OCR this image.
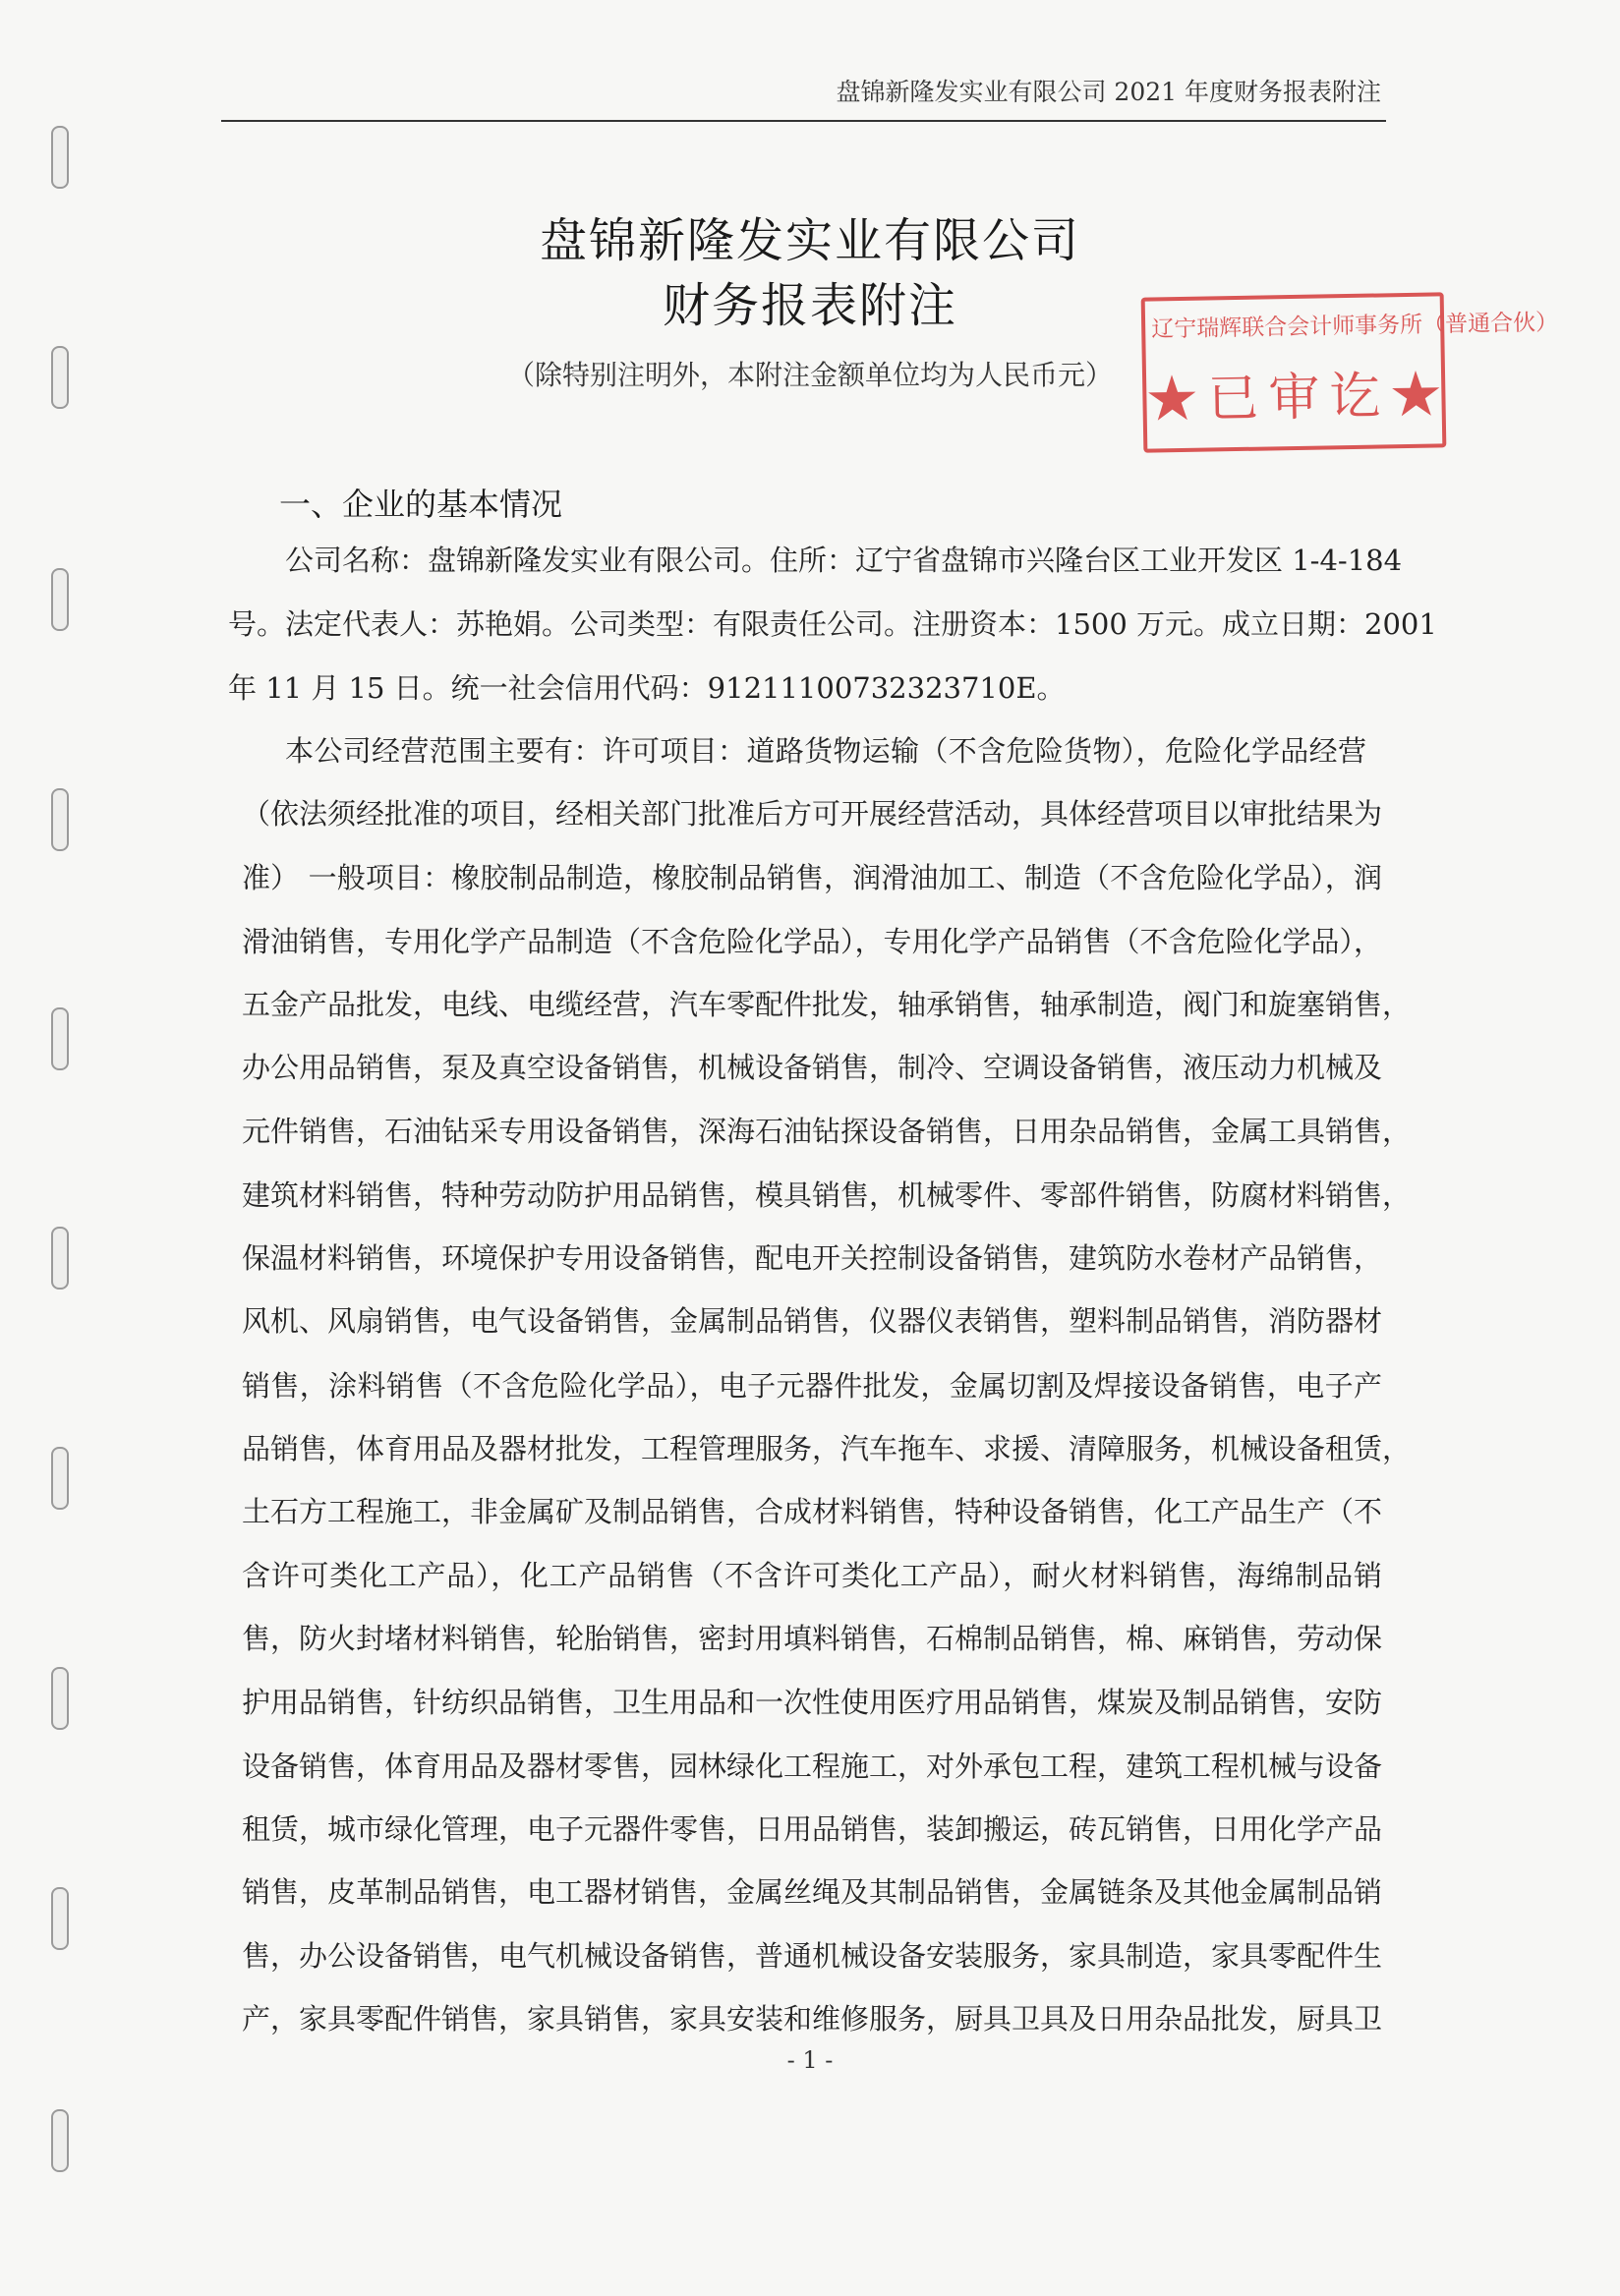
盘锦新隆发实业有限公司 2021 年度财务报表附注
盘锦新隆发实业有限公司
财务报表附注
（除特别注明外，本附注金额单位均为人民币元）
辽宁瑞辉联合会计师事务所（普通合伙）
★已审讫★
一、企业的基本情况
公司名称：盘锦新隆发实业有限公司。住所：辽宁省盘锦市兴隆台区工业开发区 1-4-184
号。法定代表人：苏艳娟。公司类型：有限责任公司。注册资本：1500 万元。成立日期：2001
年 11 月 15 日。统一社会信用代码：91211100732323710E。
本公司经营范围主要有：许可项目：道路货物运输（不含危险货物），危险化学品经营
（依法须经批准的项目，经相关部门批准后方可开展经营活动，具体经营项目以审批结果为
准） 一般项目：橡胶制品制造，橡胶制品销售，润滑油加工、制造（不含危险化学品），润
滑油销售，专用化学产品制造（不含危险化学品），专用化学产品销售（不含危险化学品），
五金产品批发，电线、电缆经营，汽车零配件批发，轴承销售，轴承制造，阀门和旋塞销售，
办公用品销售，泵及真空设备销售，机械设备销售，制冷、空调设备销售，液压动力机械及
元件销售，石油钻采专用设备销售，深海石油钻探设备销售，日用杂品销售，金属工具销售，
建筑材料销售，特种劳动防护用品销售，模具销售，机械零件、零部件销售，防腐材料销售，
保温材料销售，环境保护专用设备销售，配电开关控制设备销售，建筑防水卷材产品销售，
风机、风扇销售，电气设备销售，金属制品销售，仪器仪表销售，塑料制品销售，消防器材
销售，涂料销售（不含危险化学品），电子元器件批发，金属切割及焊接设备销售，电子产
品销售，体育用品及器材批发，工程管理服务，汽车拖车、求援、清障服务，机械设备租赁，
土石方工程施工，非金属矿及制品销售，合成材料销售，特种设备销售，化工产品生产（不
含许可类化工产品），化工产品销售（不含许可类化工产品），耐火材料销售，海绵制品销
售，防火封堵材料销售，轮胎销售，密封用填料销售，石棉制品销售，棉、麻销售，劳动保
护用品销售，针纺织品销售，卫生用品和一次性使用医疗用品销售，煤炭及制品销售，安防
设备销售，体育用品及器材零售，园林绿化工程施工，对外承包工程，建筑工程机械与设备
租赁，城市绿化管理，电子元器件零售，日用品销售，装卸搬运，砖瓦销售，日用化学产品
销售，皮革制品销售，电工器材销售，金属丝绳及其制品销售，金属链条及其他金属制品销
售，办公设备销售，电气机械设备销售，普通机械设备安装服务，家具制造，家具零配件生
产，家具零配件销售，家具销售，家具安装和维修服务，厨具卫具及日用杂品批发，厨具卫
- 1 -
